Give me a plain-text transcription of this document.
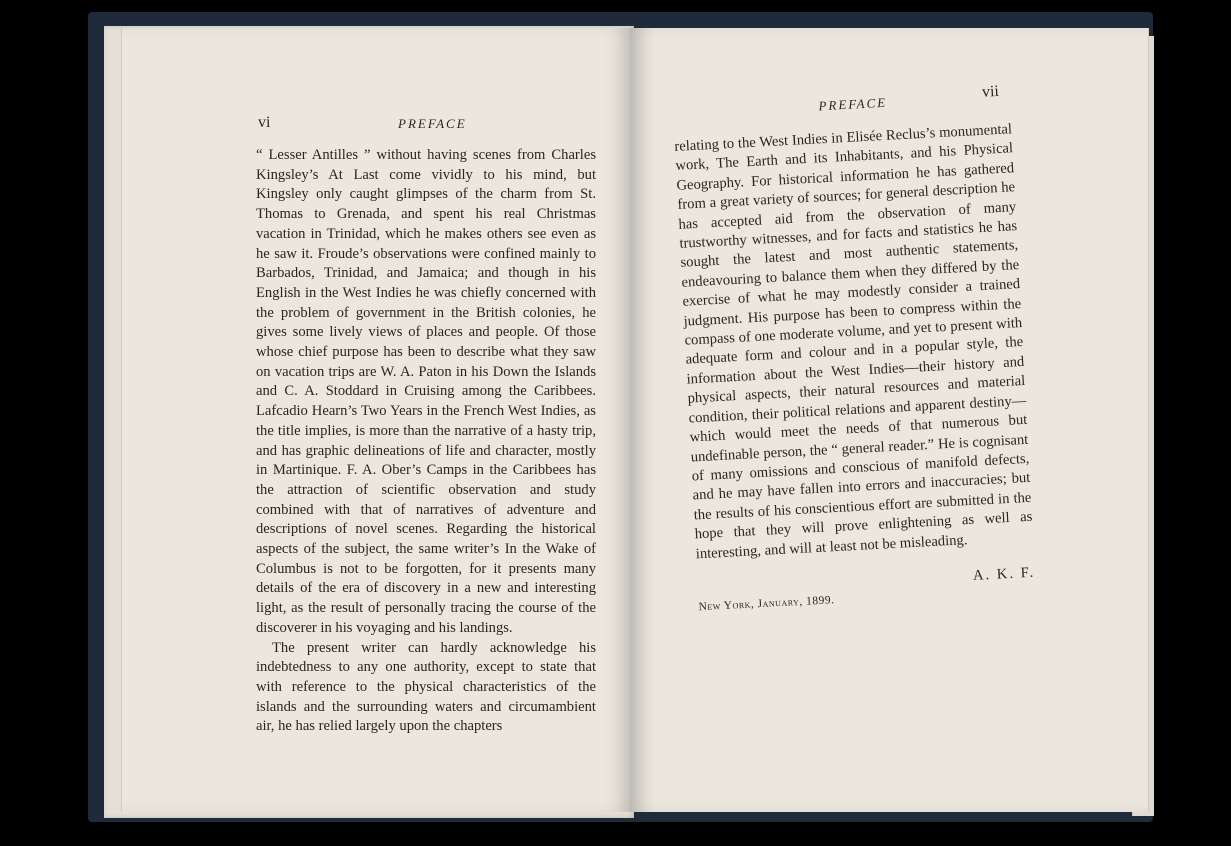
vi	PREFACE

“ Lesser Antilles ” without having scenes from Charles Kingsley’s At Last come vividly to his mind, but Kingsley only caught glimpses of the charm from St. Thomas to Grenada, and spent his real Christmas vacation in Trinidad, which he makes others see even as he saw it. Froude’s observations were confined mainly to Barbados, Trinidad, and Jamaica; and though in his English in the West Indies he was chiefly concerned with the problem of government in the British colonies, he gives some lively views of places and people. Of those whose chief purpose has been to describe what they saw on vacation trips are W. A. Paton in his Down the Islands and C. A. Stoddard in Cruising among the Caribbees. Lafcadio Hearn’s Two Years in the French West Indies, as the title implies, is more than the narrative of a hasty trip, and has graphic delineations of life and character, mostly in Martinique. F. A. Ober’s Camps in the Caribbees has the attraction of scientific observation and study combined with that of narratives of adventure and descriptions of novel scenes. Regarding the historical aspects of the subject, the same writer’s In the Wake of Columbus is not to be forgotten, for it presents many details of the era of discovery in a new and interesting light, as the result of personally tracing the course of the discoverer in his voyaging and his landings.

The present writer can hardly acknowledge his indebtedness to any one authority, except to state that with reference to the physical characteristics of the islands and the surrounding waters and circumambient air, he has relied largely upon the chapters

PREFACE
vii

relating to the West Indies in Elisée Reclus’s monumental work, The Earth and its Inhabitants, and his Physical Geography. For historical information he has gathered from a great variety of sources; for general description he has accepted aid from the observation of many trustworthy witnesses, and for facts and statistics he has sought the latest and most authentic statements, endeavouring to balance them when they differed by the exercise of what he may modestly consider a trained judgment. His purpose has been to compress within the compass of one moderate volume, and yet to present with adequate form and colour and in a popular style, the information about the West Indies—their history and physical aspects, their natural resources and material condition, their political relations and apparent destiny—which would meet the needs of that numerous but undefinable person, the “ general reader.” He is cognisant of many omissions and conscious of manifold defects, and he may have fallen into errors and inaccuracies; but the results of his conscientious effort are submitted in the hope that they will prove enlightening as well as interesting, and will at least not be misleading.

A. K. F.
New York, January, 1899.
